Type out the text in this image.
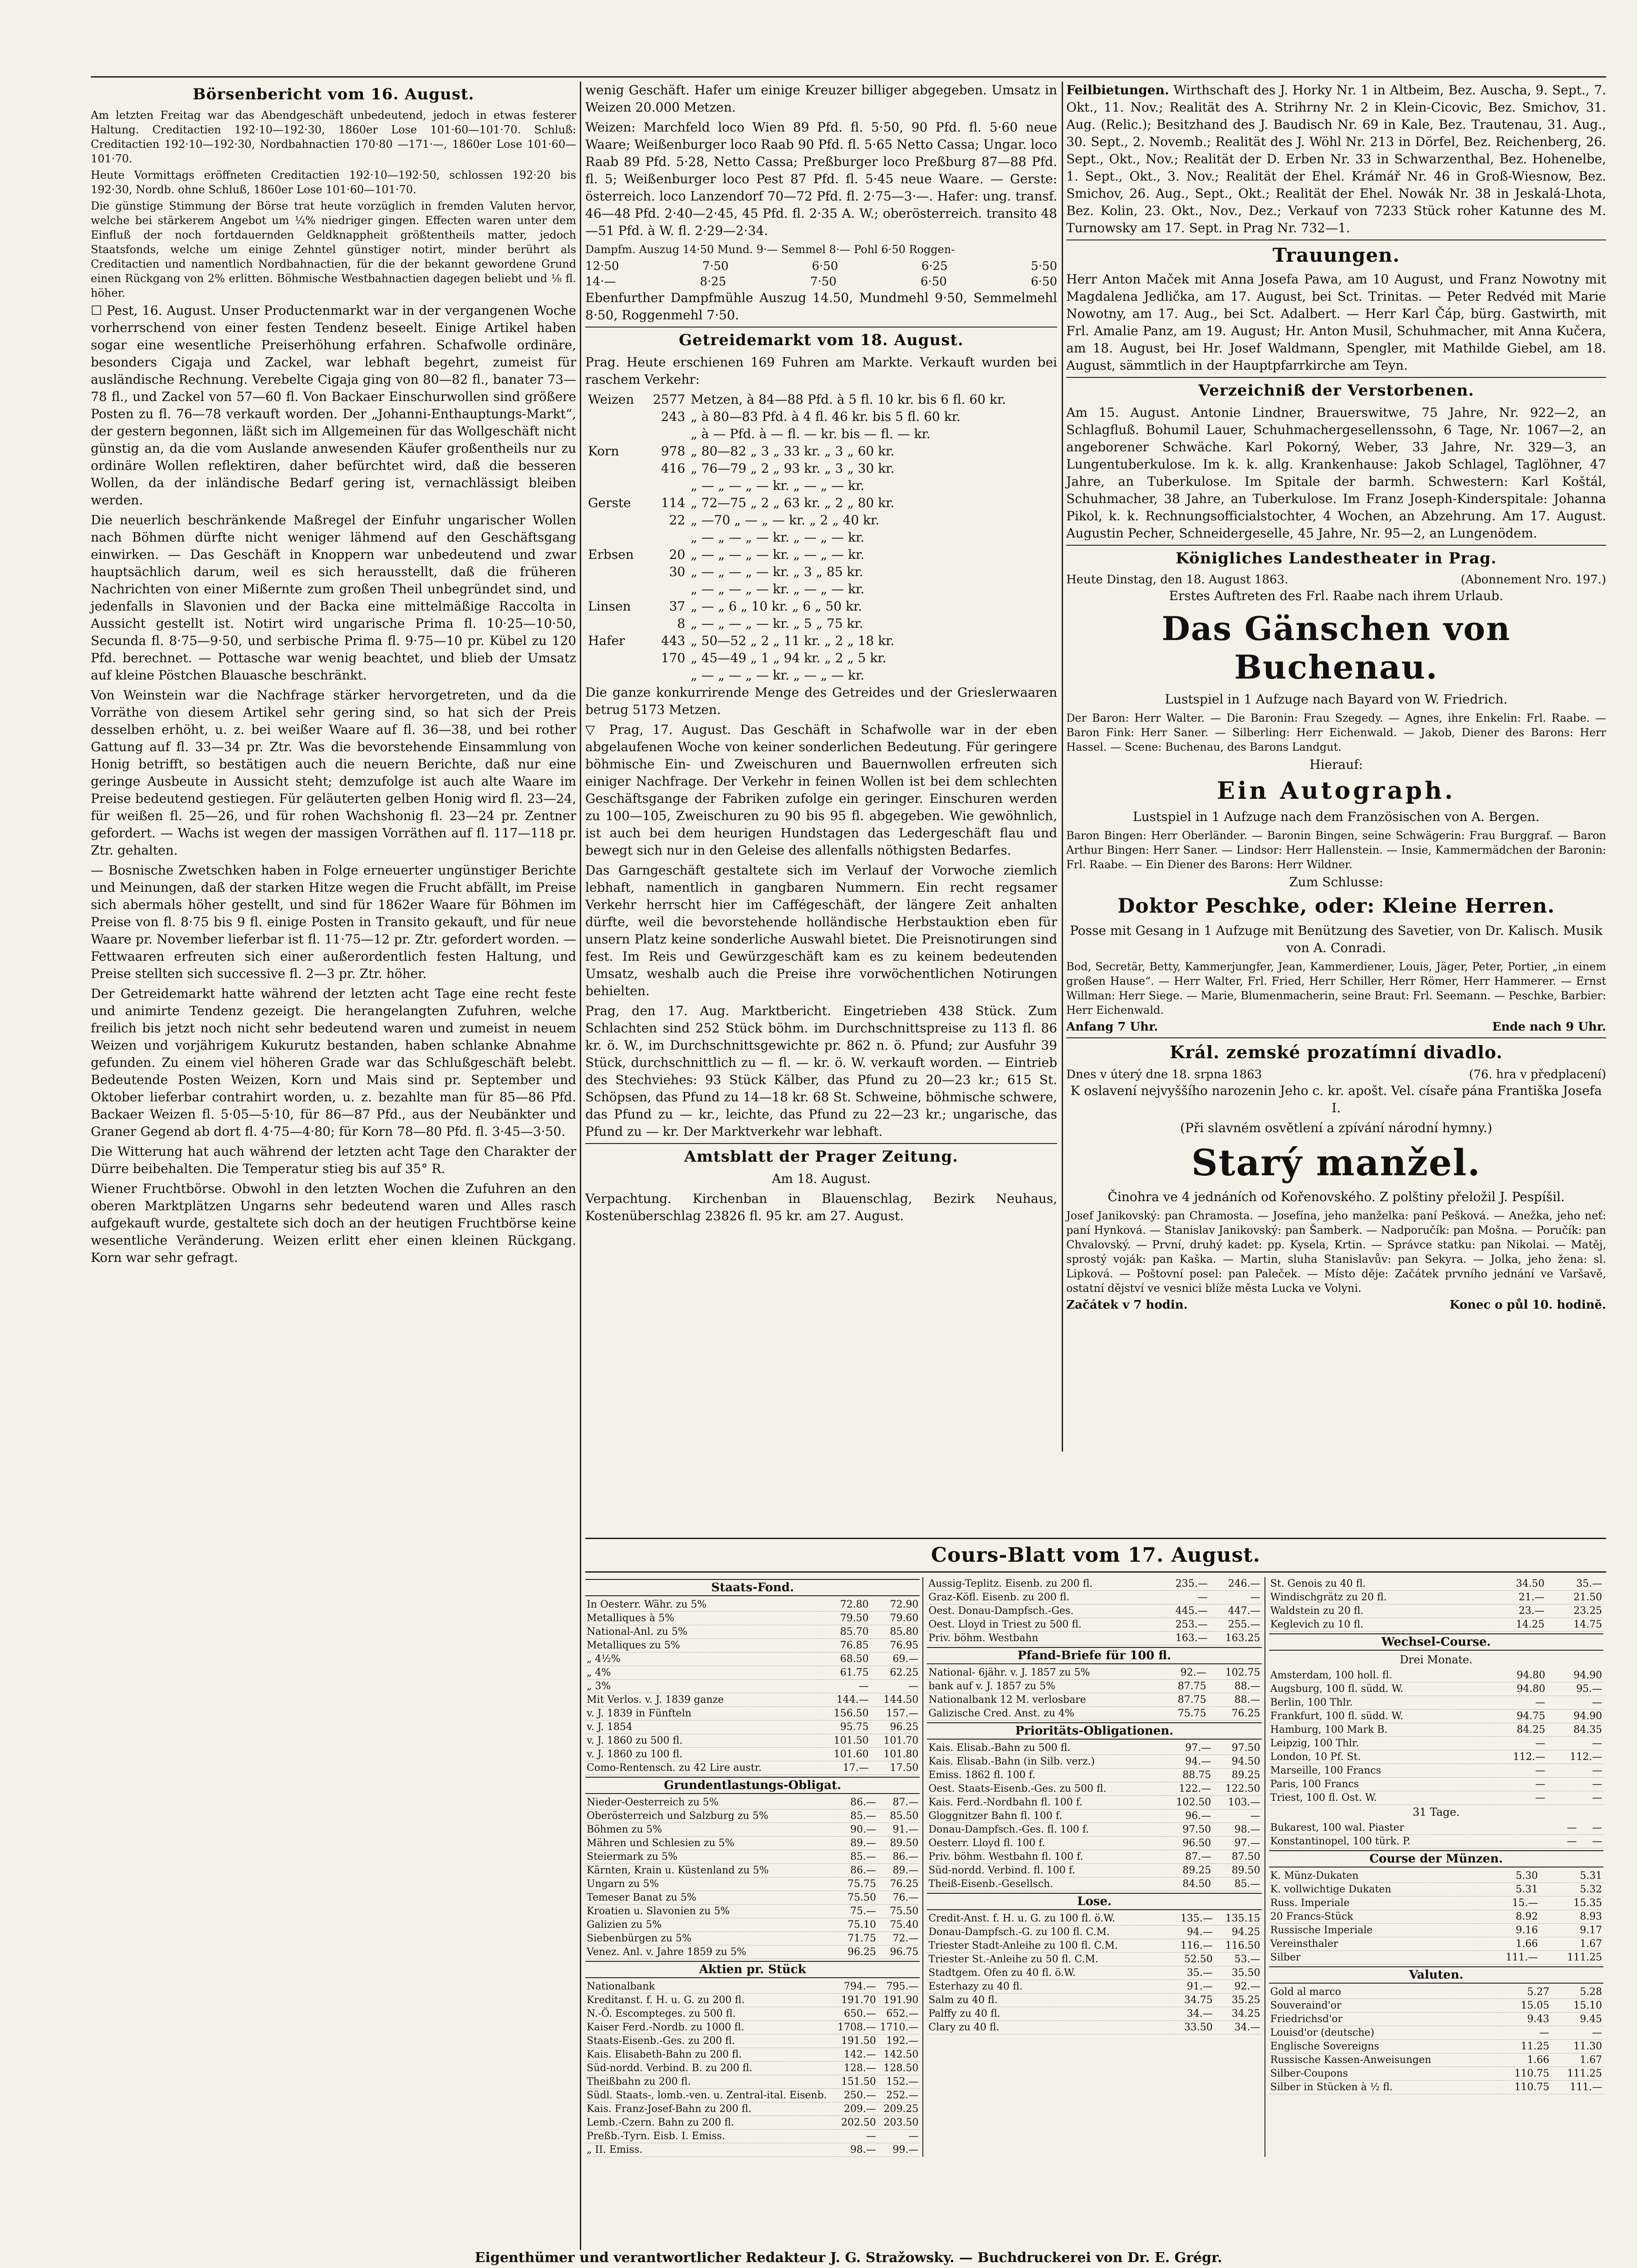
Börsenbericht vom 16. August.

Am letzten Freitag war das Abendgeschäft unbedeutend, jedoch in etwas festerer Haltung. Creditactien 192·10—192·30, 1860er Lose 101·60—101·70. Schluß: Creditactien 192·10—192·30, Nordbahnactien 170·80 —171·—, 1860er Lose 101·60—101·70.

Heute Vormittags eröffneten Creditactien 192·10—192·50, schlossen 192·20 bis 192·30, Nordb. ohne Schluß, 1860er Lose 101·60—101·70.

Die günstige Stimmung der Börse trat heute vorzüglich in fremden Valuten hervor, welche bei stärkerem Angebot um ¼% niedriger gingen. Effecten waren unter dem Einfluß der noch fortdauernden Geldknappheit größtentheils matter, jedoch Staatsfonds, welche um einige Zehntel günstiger notirt, minder berührt als Creditactien und namentlich Nordbahnactien, für die der bekannt gewordene Grund einen Rückgang von 2% erlitten. Böhmische Westbahnactien dagegen beliebt und ⅛ fl. höher.

☐ Pest, 16. August. Unser Productenmarkt war in der vergangenen Woche vorherrschend von einer festen Tendenz beseelt. Einige Artikel haben sogar eine wesentliche Preiserhöhung erfahren. Schafwolle ordinäre, besonders Cigaja und Zackel, war lebhaft begehrt, zumeist für ausländische Rechnung. Verebelte Cigaja ging von 80—82 fl., banater 73—78 fl., und Zackel von 57—60 fl. Von Backaer Einschurwollen sind größere Posten zu fl. 76—78 verkauft worden. Der „Johanni-Enthauptungs-Markt“, der gestern begonnen, läßt sich im Allgemeinen für das Wollgeschäft nicht günstig an, da die vom Auslande anwesenden Käufer großentheils nur zu ordinäre Wollen reflektiren, daher befürchtet wird, daß die besseren Wollen, da der inländische Bedarf gering ist, vernachlässigt bleiben werden.

Die neuerlich beschränkende Maßregel der Einfuhr ungarischer Wollen nach Böhmen dürfte nicht weniger lähmend auf den Geschäftsgang einwirken. — Das Geschäft in Knoppern war unbedeutend und zwar hauptsächlich darum, weil es sich herausstellt, daß die früheren Nachrichten von einer Mißernte zum großen Theil unbegründet sind, und jedenfalls in Slavonien und der Backa eine mittelmäßige Raccolta in Aussicht gestellt ist. Notirt wird ungarische Prima fl. 10·25—10·50, Secunda fl. 8·75—9·50, und serbische Prima fl. 9·75—10 pr. Kübel zu 120 Pfd. berechnet. — Pottasche war wenig beachtet, und blieb der Umsatz auf kleine Pöstchen Blauasche beschränkt.

Von Weinstein war die Nachfrage stärker hervorgetreten, und da die Vorräthe von diesem Artikel sehr gering sind, so hat sich der Preis desselben erhöht, u. z. bei weißer Waare auf fl. 36—38, und bei rother Gattung auf fl. 33—34 pr. Ztr. Was die bevorstehende Einsammlung von Honig betrifft, so bestätigen auch die neuern Berichte, daß nur eine geringe Ausbeute in Aussicht steht; demzufolge ist auch alte Waare im Preise bedeutend gestiegen. Für geläuterten gelben Honig wird fl. 23—24, für weißen fl. 25—26, und für rohen Wachshonig fl. 23—24 pr. Zentner gefordert. — Wachs ist wegen der massigen Vorräthen auf fl. 117—118 pr. Ztr. gehalten.

— Bosnische Zwetschken haben in Folge erneuerter ungünstiger Berichte und Meinungen, daß der starken Hitze wegen die Frucht abfällt, im Preise sich abermals höher gestellt, und sind für 1862er Waare für Böhmen im Preise von fl. 8·75 bis 9 fl. einige Posten in Transito gekauft, und für neue Waare pr. November lieferbar ist fl. 11·75—12 pr. Ztr. gefordert worden. — Fettwaaren erfreuten sich einer außerordentlich festen Haltung, und Preise stellten sich successive fl. 2—3 pr. Ztr. höher.

Der Getreidemarkt hatte während der letzten acht Tage eine recht feste und animirte Tendenz gezeigt. Die herangelangten Zufuhren, welche freilich bis jetzt noch nicht sehr bedeutend waren und zumeist in neuem Weizen und vorjährigem Kukurutz bestanden, haben schlanke Abnahme gefunden. Zu einem viel höheren Grade war das Schlußgeschäft belebt. Bedeutende Posten Weizen, Korn und Mais sind pr. September und Oktober lieferbar contrahirt worden, u. z. bezahlte man für 85—86 Pfd. Backaer Weizen fl. 5·05—5·10, für 86—87 Pfd., aus der Neubänkter und Graner Gegend ab dort fl. 4·75—4·80; für Korn 78—80 Pfd. fl. 3·45—3·50.

Die Witterung hat auch während der letzten acht Tage den Charakter der Dürre beibehalten. Die Temperatur stieg bis auf 35° R.

Wiener Fruchtbörse. Obwohl in den letzten Wochen die Zufuhren an den oberen Marktplätzen Ungarns sehr bedeutend waren und Alles rasch aufgekauft wurde, gestaltete sich doch an der heutigen Fruchtbörse keine wesentliche Veränderung. Weizen erlitt eher einen kleinen Rückgang. Korn war sehr gefragt.

wenig Geschäft. Hafer um einige Kreuzer billiger abgegeben. Umsatz in Weizen 20.000 Metzen.

Weizen: Marchfeld loco Wien 89 Pfd. fl. 5·50, 90 Pfd. fl. 5·60 neue Waare; Weißenburger loco Raab 90 Pfd. fl. 5·65 Netto Cassa; Ungar. loco Raab 89 Pfd. 5·28, Netto Cassa; Preßburger loco Preßburg 87—88 Pfd. fl. 5; Weißenburger loco Pest 87 Pfd. fl. 5·45 neue Waare. — Gerste: österreich. loco Lanzendorf 70—72 Pfd. fl. 2·75—3·—. Hafer: ung. transf. 46—48 Pfd. 2·40—2·45, 45 Pfd. fl. 2·35 A. W.; oberösterreich. transito 48—51 Pfd. à W. fl. 2·29—2·34.

Dampfm. Auszug 14·50 Mund. 9·— Semmel 8·— Pohl 6·50 Roggen-
12·50	7·50	6·50	6·25	5·50
14·—	8·25	7·50	6·50	6·50

Ebenfurther Dampfmühle Auszug 14.50, Mundmehl 9·50, Semmelmehl 8·50, Roggenmehl 7·50.

Getreidemarkt vom 18. August.

Prag. Heute erschienen 169 Fuhren am Markte. Verkauft wurden bei raschem Verkehr:

Weizen	2577	Metzen, à 84—88 Pfd. à 5 fl. 10 kr. bis 6 fl. 60 kr.
	243	„ à 80—83 Pfd. à 4 fl. 46 kr. bis 5 fl. 60 kr.
		„ à — Pfd. à — fl. — kr. bis — fl. — kr.
Korn	978	„ 80—82 „ 3 „ 33 kr. „ 3 „ 60 kr.
	416	„ 76—79 „ 2 „ 93 kr. „ 3 „ 30 kr.
		„ — „ — „ — kr. „ — „ — kr.
Gerste	114	„ 72—75 „ 2 „ 63 kr. „ 2 „ 80 kr.
	22	„ —70 „ — „ — kr. „ 2 „ 40 kr.
		„ — „ — „ — kr. „ — „ — kr.
Erbsen	20	„ — „ — „ — kr. „ — „ — kr.
	30	„ — „ — „ — kr. „ 3 „ 85 kr.
		„ — „ — „ — kr. „ — „ — kr.
Linsen	37	„ — „ 6 „ 10 kr. „ 6 „ 50 kr.
	8	„ — „ — „ — kr. „ 5 „ 75 kr.
Hafer	443	„ 50—52 „ 2 „ 11 kr. „ 2 „ 18 kr.
	170	„ 45—49 „ 1 „ 94 kr. „ 2 „ 5 kr.
		„ — „ — „ — kr. „ — „ — kr.

Die ganze konkurrirende Menge des Getreides und der Grieslerwaaren betrug 5173 Metzen.

▽ Prag, 17. August. Das Geschäft in Schafwolle war in der eben abgelaufenen Woche von keiner sonderlichen Bedeutung. Für geringere böhmische Ein- und Zweischuren und Bauernwollen erfreuten sich einiger Nachfrage. Der Verkehr in feinen Wollen ist bei dem schlechten Geschäftsgange der Fabriken zufolge ein geringer. Einschuren werden zu 100—105, Zweischuren zu 90 bis 95 fl. abgegeben. Wie gewöhnlich, ist auch bei dem heurigen Hundstagen das Ledergeschäft flau und bewegt sich nur in den Geleise des allenfalls nöthigsten Bedarfes.

Das Garngeschäft gestaltete sich im Verlauf der Vorwoche ziemlich lebhaft, namentlich in gangbaren Nummern. Ein recht regsamer Verkehr herrscht hier im Caffégeschäft, der längere Zeit anhalten dürfte, weil die bevorstehende holländische Herbstauktion eben für unsern Platz keine sonderliche Auswahl bietet. Die Preisnotirungen sind fest. Im Reis und Gewürzgeschäft kam es zu keinem bedeutenden Umsatz, weshalb auch die Preise ihre vorwöchentlichen Notirungen behielten.

Prag, den 17. Aug. Marktbericht. Eingetrieben 438 Stück. Zum Schlachten sind 252 Stück böhm. im Durchschnittspreise zu 113 fl. 86 kr. ö. W., im Durchschnittsgewichte pr. 862 n. ö. Pfund; zur Ausfuhr 39 Stück, durchschnittlich zu — fl. — kr. ö. W. verkauft worden. — Eintrieb des Stechviehes: 93 Stück Kälber, das Pfund zu 20—23 kr.; 615 St. Schöpsen, das Pfund zu 14—18 kr. 68 St. Schweine, böhmische schwere, das Pfund zu — kr., leichte, das Pfund zu 22—23 kr.; ungarische, das Pfund zu — kr. Der Marktverkehr war lebhaft.

Amtsblatt der Prager Zeitung.
Am 18. August.

Verpachtung. Kirchenban in Blauenschlag, Bezirk Neuhaus, Kostenüberschlag 23826 fl. 95 kr. am 27. August.

Feilbietungen. Wirthschaft des J. Horky Nr. 1 in Altbeim, Bez. Auscha, 9. Sept., 7. Okt., 11. Nov.; Realität des A. Strihrny Nr. 2 in Klein-Cicovic, Bez. Smichov, 31. Aug. (Relic.); Besitzhand des J. Baudisch Nr. 69 in Kale, Bez. Trautenau, 31. Aug., 30. Sept., 2. Novemb.; Realität des J. Wöhl Nr. 213 in Dörfel, Bez. Reichenberg, 26. Sept., Okt., Nov.; Realität der D. Erben Nr. 33 in Schwarzenthal, Bez. Hohenelbe, 1. Sept., Okt., 3. Nov.; Realität der Ehel. Krámář Nr. 46 in Groß-Wiesnow, Bez. Smichov, 26. Aug., Sept., Okt.; Realität der Ehel. Nowák Nr. 38 in Jeskalá-Lhota, Bez. Kolin, 23. Okt., Nov., Dez.; Verkauf von 7233 Stück roher Katunne des M. Turnowsky am 17. Sept. in Prag Nr. 732—1.

Trauungen.

Herr Anton Maček mit Anna Josefa Pawa, am 10 August, und Franz Nowotny mit Magdalena Jedlička, am 17. August, bei Sct. Trinitas. — Peter Redvéd mit Marie Nowotny, am 17. Aug., bei Sct. Adalbert. — Herr Karl Čáp, bürg. Gastwirth, mit Frl. Amalie Panz, am 19. August; Hr. Anton Musil, Schuhmacher, mit Anna Kučera, am 18. August, bei Hr. Josef Waldmann, Spengler, mit Mathilde Giebel, am 18. August, sämmtlich in der Hauptpfarrkirche am Teyn.

Verzeichniß der Verstorbenen.

Am 15. August. Antonie Lindner, Brauerswitwe, 75 Jahre, Nr. 922—2, an Schlagfluß. Bohumil Lauer, Schuhmachergesellenssohn, 6 Tage, Nr. 1067—2, an angeborener Schwäche. Karl Pokorný, Weber, 33 Jahre, Nr. 329—3, an Lungentuberkulose. Im k. k. allg. Krankenhause: Jakob Schlagel, Taglöhner, 47 Jahre, an Tuberkulose. Im Spitale der barmh. Schwestern: Karl Koštál, Schuhmacher, 38 Jahre, an Tuberkulose. Im Franz Joseph-Kinderspitale: Johanna Pikol, k. k. Rechnungsofficialstochter, 4 Wochen, an Abzehrung. Am 17. August. Augustin Pecher, Schneidergeselle, 45 Jahre, Nr. 95—2, an Lungenödem.

Königliches Landestheater in Prag.
Heute Dinstag, den 18. August 1863.	(Abonnement Nro. 197.)
Erstes Auftreten des Frl. Raabe nach ihrem Urlaub.
Das Gänschen von Buchenau.
Lustspiel in 1 Aufzuge nach Bayard von W. Friedrich.

Der Baron: Herr Walter. — Die Baronin: Frau Szegedy. — Agnes, ihre Enkelin: Frl. Raabe. — Baron Fink: Herr Saner. — Silberling: Herr Eichenwald. — Jakob, Diener des Barons: Herr Hassel. — Scene: Buchenau, des Barons Landgut.

Hierauf:
Ein Autograph.
Lustspiel in 1 Aufzuge nach dem Französischen von A. Bergen.

Baron Bingen: Herr Oberländer. — Baronin Bingen, seine Schwägerin: Frau Burggraf. — Baron Arthur Bingen: Herr Saner. — Lindsor: Herr Hallenstein. — Insie, Kammermädchen der Baronin: Frl. Raabe. — Ein Diener des Barons: Herr Wildner.

Zum Schlusse:
Doktor Peschke, oder: Kleine Herren.
Posse mit Gesang in 1 Aufzuge mit Benützung des Savetier, von Dr. Kalisch. Musik von A. Conradi.

Bod, Secretär, Betty, Kammerjungfer, Jean, Kammerdiener, Louis, Jäger, Peter, Portier, „in einem großen Hause“. — Herr Walter, Frl. Fried, Herr Schiller, Herr Römer, Herr Hammerer. — Ernst Willman: Herr Siege. — Marie, Blumenmacherin, seine Braut: Frl. Seemann. — Peschke, Barbier: Herr Eichenwald.

Anfang 7 Uhr.	Ende nach 9 Uhr.
Král. zemské prozatímní divadlo.
Dnes v úterý dne 18. srpna 1863	(76. hra v předplacení)
K oslavení nejvyššího narozenin Jeho c. kr. apošt. Vel. císaře pána Františka Josefa I.
(Při slavném osvětlení a zpívání národní hymny.)
Starý manžel.
Činohra ve 4 jednáních od Kořenovského. Z polštiny přeložil J. Pespíšil.

Josef Janikovský: pan Chramosta. — Josefína, jeho manželka: paní Pešková. — Anežka, jeho neť: paní Hynková. — Stanislav Janikovský: pan Šamberk. — Nadporučík: pan Mošna. — Poručík: pan Chvalovský. — První, druhý kadet: pp. Kysela, Krtin. — Správce statku: pan Nikolai. — Matěj, sprostý voják: pan Kaška. — Martin, sluha Stanislavův: pan Sekyra. — Jolka, jeho žena: sl. Lipková. — Poštovní posel: pan Paleček. — Místo děje: Začátek prvního jednání ve Varšavě, ostatní dějství ve vesnici blíže města Lucka ve Volyni.

Začátek v 7 hodin.	Konec o půl 10. hodině.
Cours-Blatt vom 17. August.
Staats-Fond.
In Oesterr. Währ. zu 5%	72.80	72.90
Metalliques à 5%	79.50	79.60
National-Anl. zu 5%	85.70	85.80
Metalliques zu 5%	76.85	76.95
„ 4½%	68.50	69.—
„ 4%	61.75	62.25
„ 3%	—	—
Mit Verlos. v. J. 1839 ganze	144.—	144.50
v. J. 1839 in Fünfteln	156.50	157.—
v. J. 1854	95.75	96.25
v. J. 1860 zu 500 fl.	101.50	101.70
v. J. 1860 zu 100 fl.	101.60	101.80
Como-Rentensch. zu 42 Lire austr.	17.—	17.50
Grundentlastungs-Obligat.
Nieder-Oesterreich zu 5%	86.—	87.—
Oberösterreich und Salzburg zu 5%	85.—	85.50
Böhmen zu 5%	90.—	91.—
Mähren und Schlesien zu 5%	89.—	89.50
Steiermark zu 5%	85.—	86.—
Kärnten, Krain u. Küstenland zu 5%	86.—	89.—
Ungarn zu 5%	75.75	76.25
Temeser Banat zu 5%	75.50	76.—
Kroatien u. Slavonien zu 5%	75.—	75.50
Galizien zu 5%	75.10	75.40
Siebenbürgen zu 5%	71.75	72.—
Venez. Anl. v. Jahre 1859 zu 5%	96.25	96.75
Aktien pr. Stück
Nationalbank	794.—	795.—
Kreditanst. f. H. u. G. zu 200 fl.	191.70	191.90
N.-Ö. Escompteges. zu 500 fl.	650.—	652.—
Kaiser Ferd.-Nordb. zu 1000 fl.	1708.—	1710.—
Staats-Eisenb.-Ges. zu 200 fl.	191.50	192.—
Kais. Elisabeth-Bahn zu 200 fl.	142.—	142.50
Süd-nordd. Verbind. B. zu 200 fl.	128.—	128.50
Theißbahn zu 200 fl.	151.50	152.—
Südl. Staats-, lomb.-ven. u. Zentral-ital. Eisenb.	250.—	252.—
Kais. Franz-Josef-Bahn zu 200 fl.	209.—	209.25
Lemb.-Czern. Bahn zu 200 fl.	202.50	203.50
Preßb.-Tyrn. Eisb. I. Emiss.	—	—
„ II. Emiss.	98.—	99.—
Aussig-Teplitz. Eisenb. zu 200 fl.	235.—	246.—
Graz-Köfl. Eisenb. zu 200 fl.	—	—
Oest. Donau-Dampfsch.-Ges.	445.—	447.—
Oest. Lloyd in Triest zu 500 fl.	253.—	255.—
Priv. böhm. Westbahn	163.—	163.25
Pfand-Briefe für 100 fl.
National- 6jähr. v. J. 1857 zu 5%	92.—	102.75
bank auf v. J. 1857 zu 5%	87.75	88.—
Nationalbank 12 M. verlosbare	87.75	88.—
Galizische Cred. Anst. zu 4%	75.75	76.25
Prioritäts-Obligationen.
Kais. Elisab.-Bahn zu 500 fl.	97.—	97.50
Kais. Elisab.-Bahn (in Silb. verz.)	94.—	94.50
Emiss. 1862 fl. 100 f.	88.75	89.25
Oest. Staats-Eisenb.-Ges. zu 500 fl.	122.—	122.50
Kais. Ferd.-Nordbahn fl. 100 f.	102.50	103.—
Gloggnitzer Bahn fl. 100 f.	96.—	—
Donau-Dampfsch.-Ges. fl. 100 f.	97.50	98.—
Oesterr. Lloyd fl. 100 f.	96.50	97.—
Priv. böhm. Westbahn fl. 100 f.	87.—	87.50
Süd-nordd. Verbind. fl. 100 f.	89.25	89.50
Theiß-Eisenb.-Gesellsch.	84.50	85.—
Lose.
Credit-Anst. f. H. u. G. zu 100 fl. ö.W.	135.—	135.15
Donau-Dampfsch.-G. zu 100 fl. C.M.	94.—	94.25
Triester Stadt-Anleihe zu 100 fl. C.M.	116.—	116.50
Triester St.-Anleihe zu 50 fl. C.M.	52.50	53.—
Stadtgem. Ofen zu 40 fl. ö.W.	35.—	35.50
Esterhazy zu 40 fl.	91.—	92.—
Salm zu 40 fl.	34.75	35.25
Palffy zu 40 fl.	34.—	34.25
Clary zu 40 fl.	33.50	34.—
St. Genois zu 40 fl.	34.50	35.—
Windischgrätz zu 20 fl.	21.—	21.50
Waldstein zu 20 fl.	23.—	23.25
Keglevich zu 10 fl.	14.25	14.75
Wechsel-Course.
Drei Monate.
Amsterdam, 100 holl. fl.	94.80	94.90
Augsburg, 100 fl. südd. W.	94.80	95.—
Berlin, 100 Thlr.	—	—
Frankfurt, 100 fl. südd. W.	94.75	94.90
Hamburg, 100 Mark B.	84.25	84.35
Leipzig, 100 Thlr.	—	—
London, 10 Pf. St.	112.—	112.—
Marseille, 100 Francs	—	—
Paris, 100 Francs	—	—
Triest, 100 fl. Ost. W.	—	—
31 Tage.
Bukarest, 100 wal. Piaster	—	—
Konstantinopel, 100 türk. P.	—	—
Course der Münzen.
K. Münz-Dukaten	5.30	5.31
K. vollwichtige Dukaten	5.31	5.32
Russ. Imperiale	15.—	15.35
20 Francs-Stück	8.92	8.93
Russische Imperiale	9.16	9.17
Vereinsthaler	1.66	1.67
Silber	111.—	111.25
Valuten.
Gold al marco	5.27	5.28
Souveraind'or	15.05	15.10
Friedrichsd'or	9.43	9.45
Louisd'or (deutsche)	—	—
Englische Sovereigns	11.25	11.30
Russische Kassen-Anweisungen	1.66	1.67
Silber-Coupons	110.75	111.25
Silber in Stücken à ½ fl.	110.75	111.—
Eigenthümer und verantwortlicher Redakteur J. G. Stražowsky. — Buchdruckerei von Dr. E. Grégr.
